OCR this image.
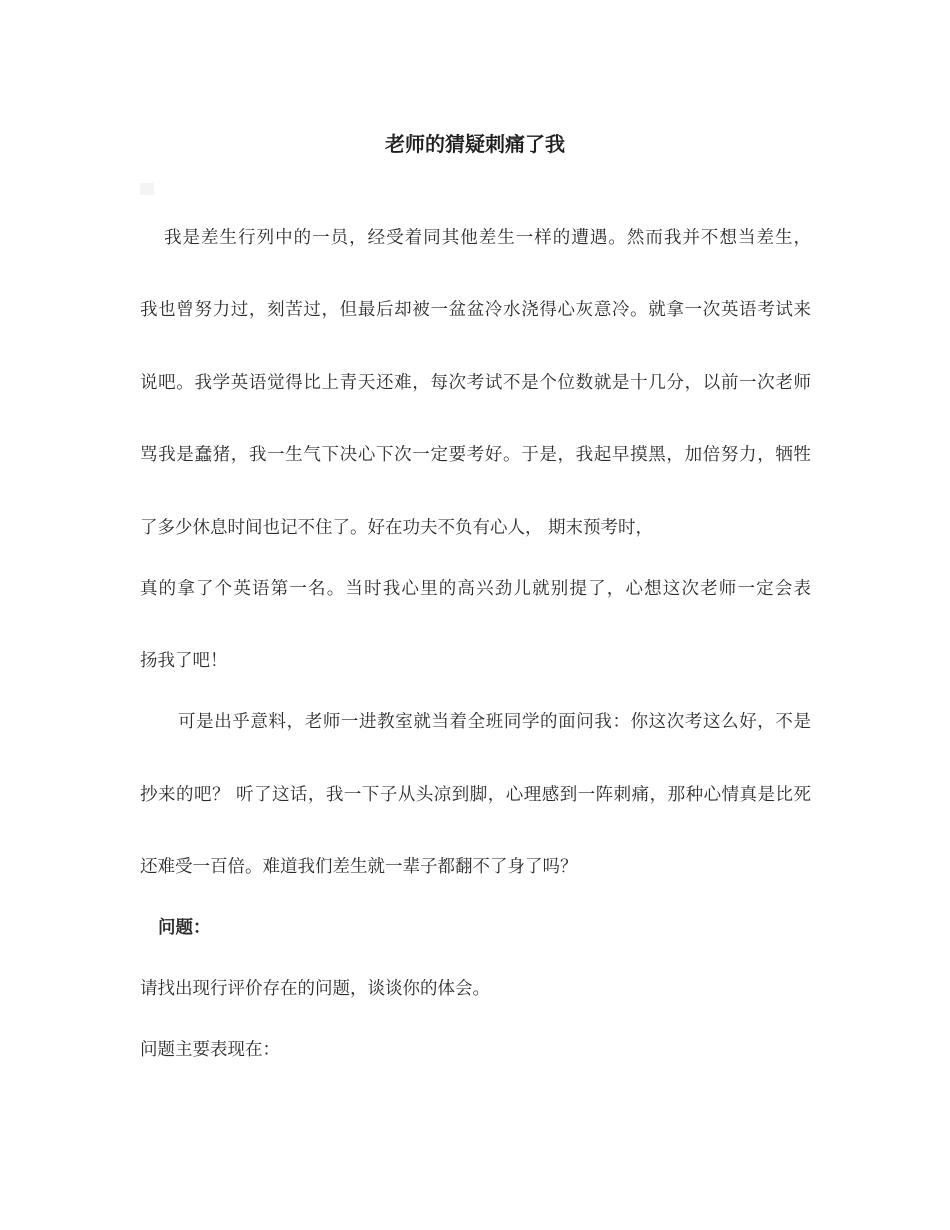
老师的猜疑刺痛了我
我是差生行列中的一员，经受着同其他差生一样的遭遇。然而我并不想当差生，
我也曾努力过，刻苦过，但最后却被一盆盆冷水浇得心灰意冷。就拿一次英语考试来
说吧。我学英语觉得比上青天还难，每次考试不是个位数就是十几分，以前一次老师
骂我是蠢猪，我一生气下决心下次一定要考好。于是，我起早摸黑，加倍努力，牺牲
了多少休息时间也记不住了。好在功夫不负有心人， 期末预考时，
真的拿了个英语第一名。当时我心里的高兴劲儿就别提了，心想这次老师一定会表
扬我了吧！
可是出乎意料，老师一进教室就当着全班同学的面问我：你这次考这么好，不是
抄来的吧？ 听了这话，我一下子从头凉到脚，心理感到一阵刺痛，那种心情真是比死
还难受一百倍。难道我们差生就一辈子都翻不了身了吗？
问题：
请找出现行评价存在的问题，谈谈你的体会。
问题主要表现在：
